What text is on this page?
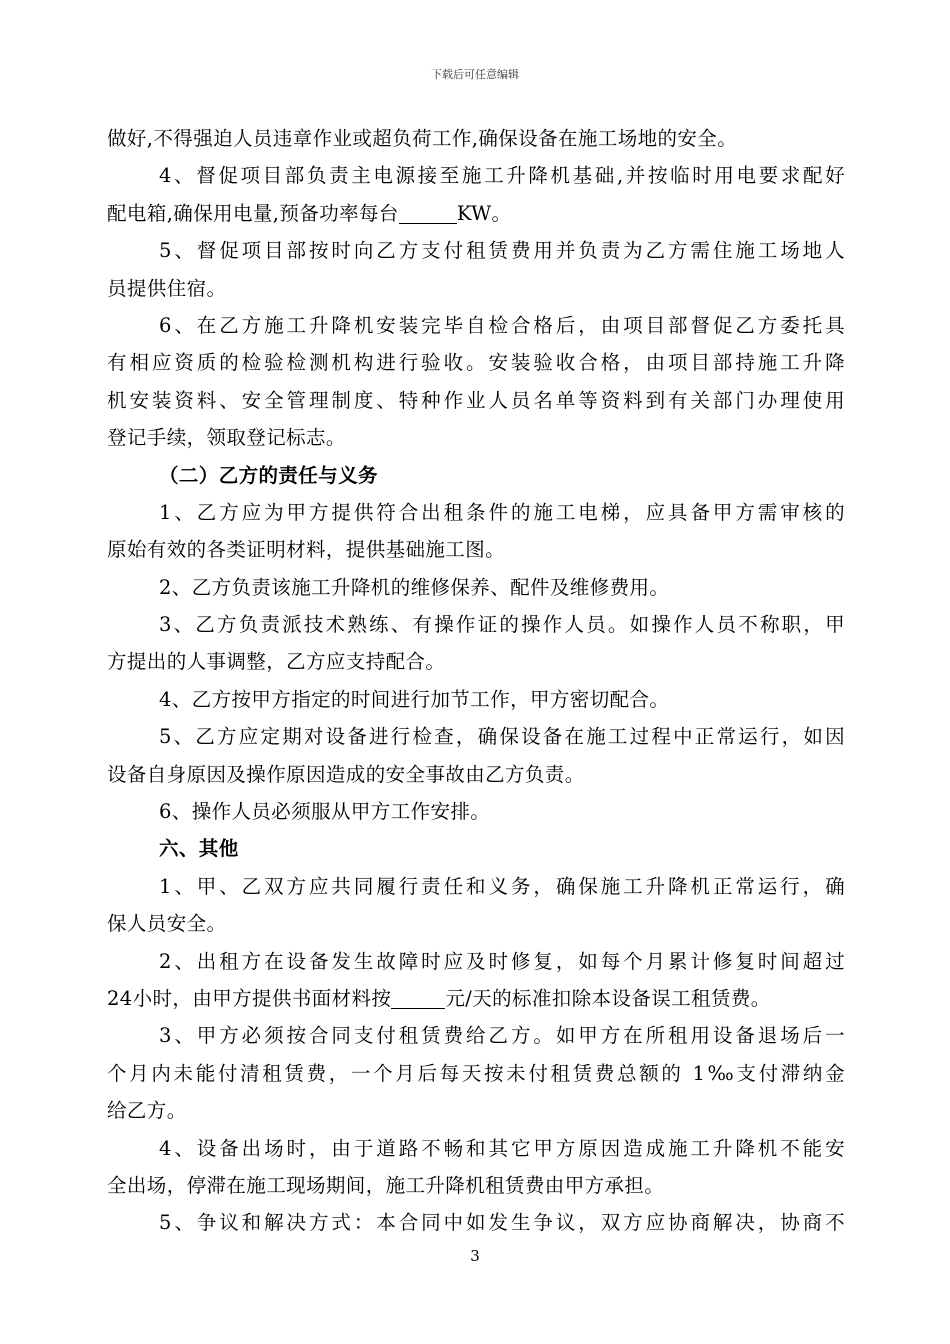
下载后可任意编辑
做好,不得强迫人员违章作业或超负荷工作,确保设备在施工场地的安全。
4、督促项目部负责主电源接至施工升降机基础,并按临时用电要求配好
配电箱,确保用电量,预备功率每台	KW。
5、督促项目部按时向乙方支付租赁费用并负责为乙方需住施工场地人
员提供住宿。
6、在乙方施工升降机安装完毕自检合格后，由项目部督促乙方委托具
有相应资质的检验检测机构进行验收。安装验收合格，由项目部持施工升降
机安装资料、安全管理制度、特种作业人员名单等资料到有关部门办理使用
登记手续，领取登记标志。
（二）乙方的责任与义务
1、乙方应为甲方提供符合出租条件的施工电梯，应具备甲方需审核的
原始有效的各类证明材料，提供基础施工图。
2、乙方负责该施工升降机的维修保养、配件及维修费用。
3、乙方负责派技术熟练、有操作证的操作人员。如操作人员不称职，甲
方提出的人事调整，乙方应支持配合。
4、乙方按甲方指定的时间进行加节工作，甲方密切配合。
5、乙方应定期对设备进行检查，确保设备在施工过程中正常运行，如因
设备自身原因及操作原因造成的安全事故由乙方负责。
6、操作人员必须服从甲方工作安排。
六、其他
1、甲、乙双方应共同履行责任和义务，确保施工升降机正常运行，确
保人员安全。
2、出租方在设备发生故障时应及时修复，如每个月累计修复时间超过
24小时，由甲方提供书面材料按	元/天的标准扣除本设备误工租赁费。
3、甲方必须按合同支付租赁费给乙方。如甲方在所租用设备退场后一
个月内未能付清租赁费，一个月后每天按未付租赁费总额的 1‰支付滞纳金
给乙方。
4、设备出场时，由于道路不畅和其它甲方原因造成施工升降机不能安
全出场，停滞在施工现场期间，施工升降机租赁费由甲方承担。
5、争议和解决方式：本合同中如发生争议，双方应协商解决，协商不
3
